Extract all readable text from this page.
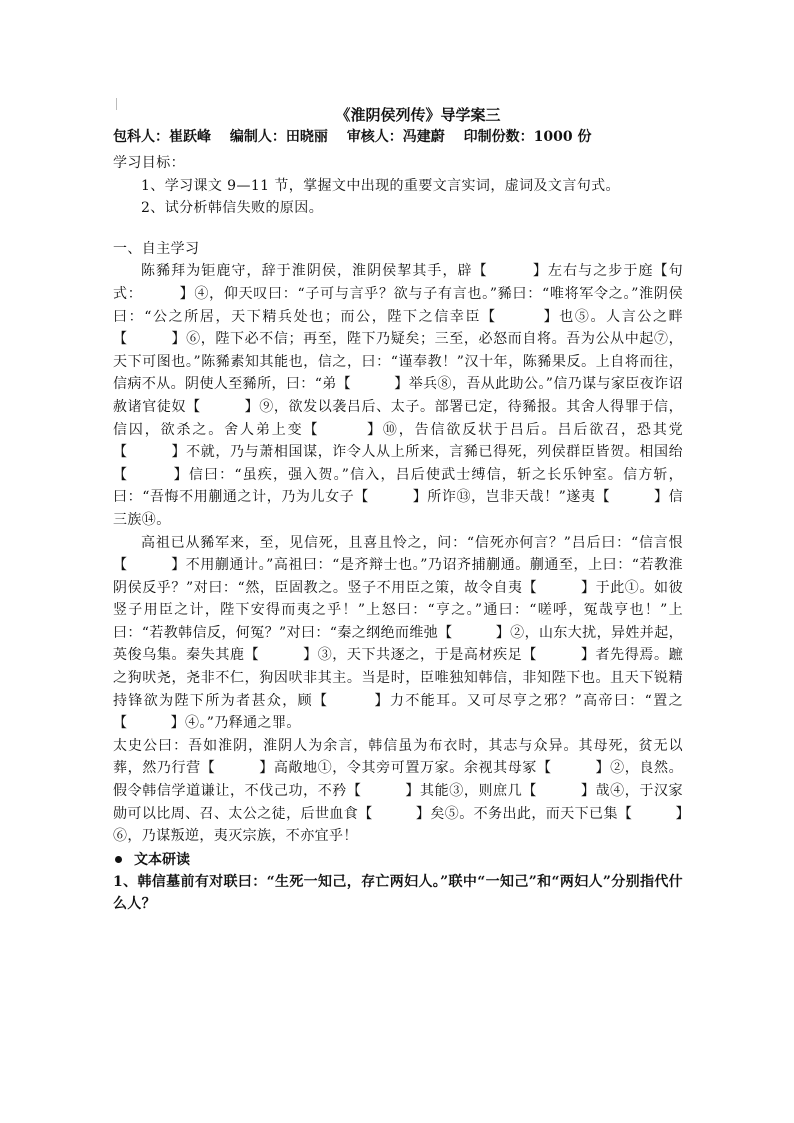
《淮阴侯列传》导学案三
包科人：崔跃峰 编制人：田晓丽 审核人：冯建蔚 印制份数：1000 份

学习目标：

1、学习课文 9—11 节，掌握文中出现的重要文言实词，虚词及文言句式。

2、试分析韩信失败的原因。

一、自主学习

陈豨拜为钜鹿守，辞于淮阴侯，淮阴侯挈其手，辟【　　　】左右与之步于庭【句式：　　　】④，仰天叹曰：“子可与言乎？欲与子有言也。”豨曰：“唯将军令之。”淮阴侯曰：“公之所居，天下精兵处也；而公，陛下之信幸臣【　　　】也⑤。人言公之畔【　　　】⑥，陛下必不信；再至，陛下乃疑矣；三至，必怒而自将。吾为公从中起⑦，天下可图也。”陈豨素知其能也，信之，曰：“谨奉教！”汉十年，陈豨果反。上自将而往，信病不从。阴使人至豨所，曰：“弟【　　　】举兵⑧，吾从此助公。”信乃谋与家臣夜诈诏赦诸官徒奴【　　　】⑨，欲发以袭吕后、太子。部署已定，待豨报。其舍人得罪于信，信囚，欲杀之。舍人弟上变【　　　】⑩，告信欲反状于吕后。吕后欲召，恐其党【　　　】不就，乃与萧相国谋，诈令人从上所来，言豨已得死，列侯群臣皆贺。相国绐【　　　】信曰：“虽疾，强入贺。”信入，吕后使武士缚信，斩之长乐钟室。信方斩，曰：“吾悔不用蒯通之计，乃为儿女子【　　　】所诈⑬，岂非天哉！”遂夷【　　　】信三族⑭。

高祖已从豨军来，至，见信死，且喜且怜之，问：“信死亦何言？”吕后曰：“信言恨【　　　】不用蒯通计。”高祖曰：“是齐辩士也。”乃诏齐捕蒯通。蒯通至，上曰：“若教淮阴侯反乎？”对曰：“然，臣固教之。竖子不用臣之策，故令自夷【　　　】于此①。如彼竖子用臣之计，陛下安得而夷之乎！”上怒曰：“亨之。”通曰：“嗟呼，冤哉亨也！”上曰：“若教韩信反，何冤？”对曰：“秦之纲绝而维弛【　　　】②，山东大扰，异姓并起，英俊乌集。秦失其鹿【　　　】③，天下共逐之，于是高材疾足【　　　】者先得焉。蹠之狗吠尧，尧非不仁，狗因吠非其主。当是时，臣唯独知韩信，非知陛下也。且天下锐精持锋欲为陛下所为者甚众，顾【　　　】力不能耳。又可尽亨之邪？”高帝曰：“置之【　　　】④。”乃释通之罪。

太史公曰：吾如淮阴，淮阴人为余言，韩信虽为布衣时，其志与众异。其母死，贫无以葬，然乃行营【　　　】高敞地①，令其旁可置万家。余视其母冢【　　　】②，良然。假令韩信学道谦让，不伐己功，不矜【　　　】其能③，则庶几【　　　】哉④，于汉家勋可以比周、召、太公之徒，后世血食【　　　】矣⑤。不务出此，而天下已集【　　　】⑥，乃谋叛逆，夷灭宗族，不亦宜乎！

文本研读

1、韩信墓前有对联曰：“生死一知己，存亡两妇人。”联中“一知己”和“两妇人”分别指代什么人？
